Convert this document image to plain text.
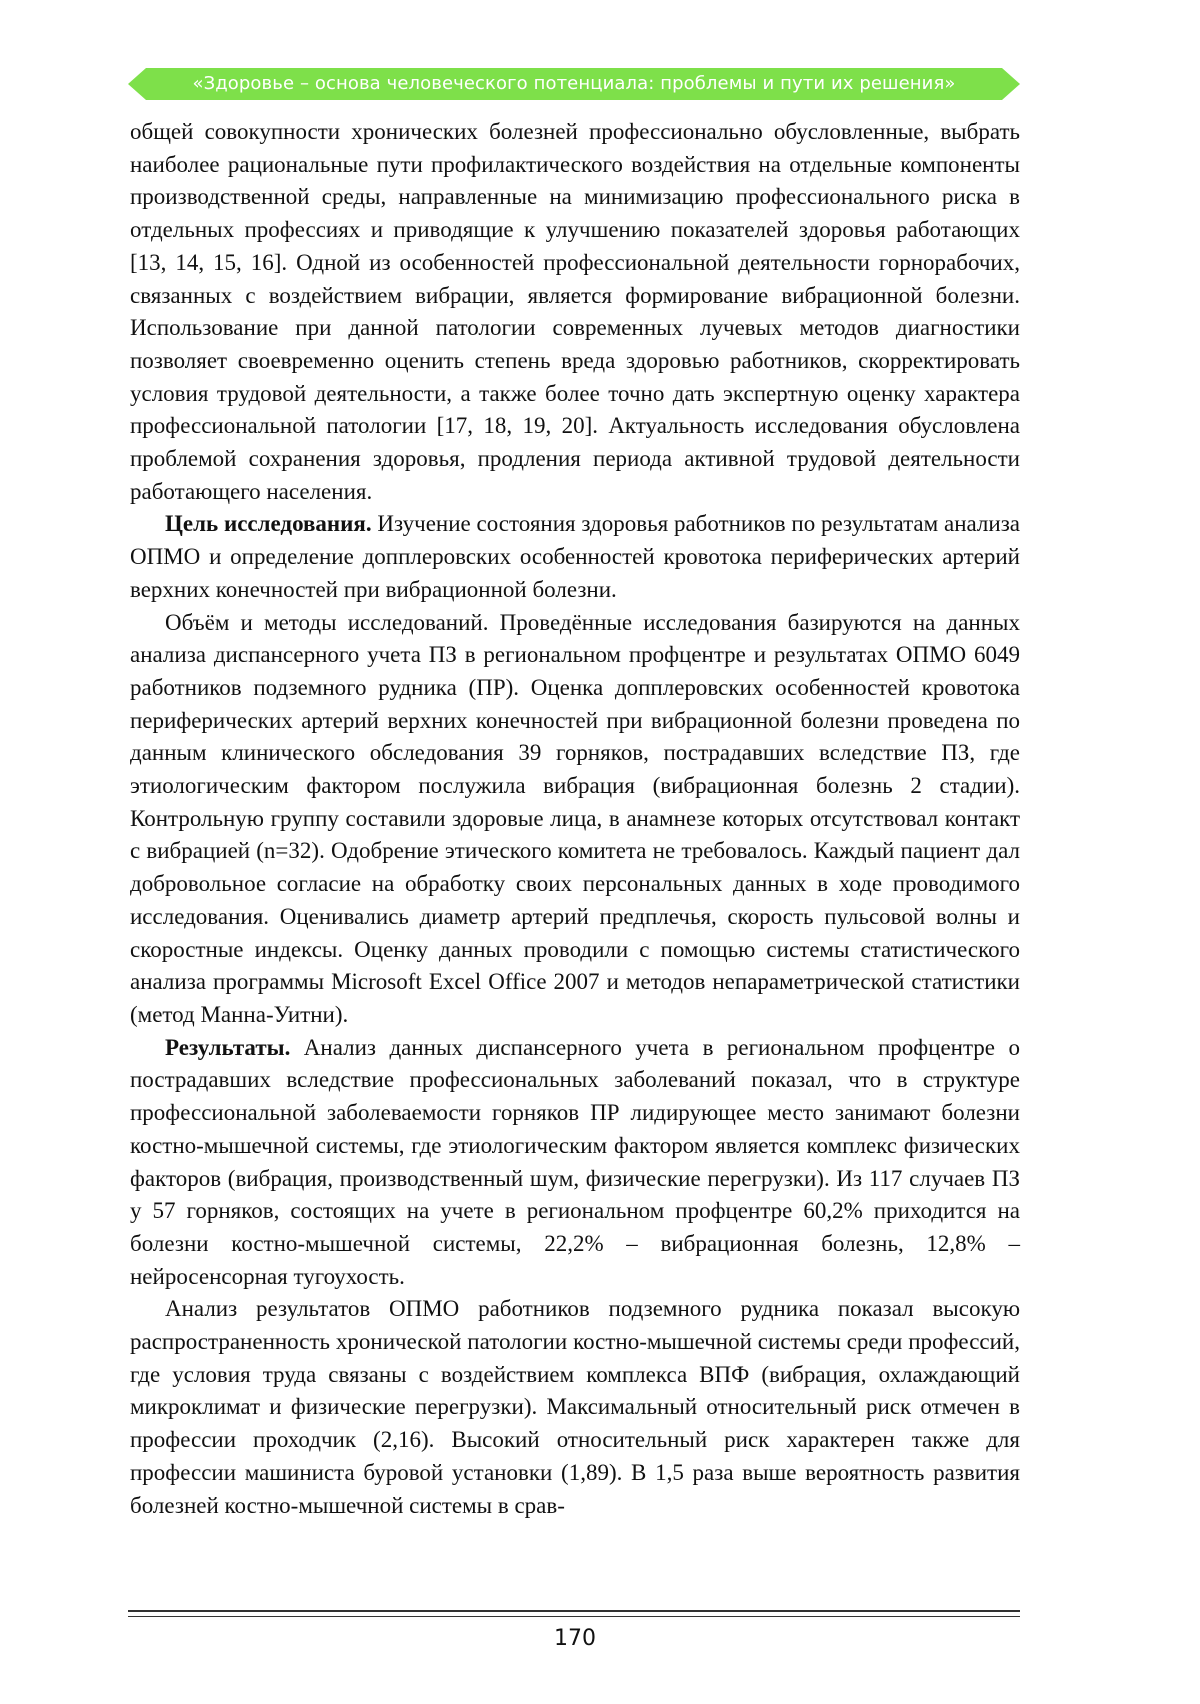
«Здоровье – основа человеческого потенциала: проблемы и пути их решения»

общей совокупности хронических болезней профессионально обусловленные, выбрать наиболее рациональные пути профилактического воздействия на отдельные компоненты производственной среды, направленные на минимизацию профессионального риска в отдельных профессиях и приводящие к улучшению показателей здоровья работающих [13, 14, 15, 16]. Одной из особенностей профессиональной деятельности горнорабочих, связанных с воздействием вибрации, является формирование вибрационной болезни. Использование при данной патологии современных лучевых методов диагностики позволяет своевременно оценить степень вреда здоровью работников, скорректировать условия трудовой деятельности, а также более точно дать экспертную оценку характера профессиональной патологии [17, 18, 19, 20]. Актуальность исследования обусловлена проблемой сохранения здоровья, продления периода активной трудовой деятельности работающего населения.

Цель исследования. Изучение состояния здоровья работников по результатам анализа ОПМО и определение допплеровских особенностей кровотока периферических артерий верхних конечностей при вибрационной болезни.

Объём и методы исследований. Проведённые исследования базируются на данных анализа диспансерного учета ПЗ в региональном профцентре и результатах ОПМО 6049 работников подземного рудника (ПР). Оценка допплеровских особенностей кровотока периферических артерий верхних конечностей при вибрационной болезни проведена по данным клинического обследования 39 горняков, пострадавших вследствие ПЗ, где этиологическим фактором послужила вибрация (вибрационная болезнь 2 стадии). Контрольную группу составили здоровые лица, в анамнезе которых отсутствовал контакт с вибрацией (n=32). Одобрение этического комитета не требовалось. Каждый пациент дал добровольное согласие на обработку своих персональных данных в ходе проводимого исследования. Оценивались диаметр артерий предплечья, скорость пульсовой волны и скоростные индексы. Оценку данных проводили с помощью системы статистического анализа программы Microsoft Excel Office 2007 и методов непараметрической статистики (метод Манна-Уитни).

Результаты. Анализ данных диспансерного учета в региональном профцентре о пострадавших вследствие профессиональных заболеваний показал, что в структуре профессиональной заболеваемости горняков ПР лидирующее место занимают болезни костно-мышечной системы, где этиологическим фактором является комплекс физических факторов (вибрация, производственный шум, физические перегрузки). Из 117 случаев ПЗ у 57 горняков, состоящих на учете в региональном профцентре 60,2% приходится на болезни костно-мышечной системы, 22,2% – вибрационная болезнь, 12,8% – нейросенсорная тугоухость.

Анализ результатов ОПМО работников подземного рудника показал высокую распространенность хронической патологии костно-мышечной системы среди профессий, где условия труда связаны с воздействием комплекса ВПФ (вибрация, охлаждающий микроклимат и физические перегрузки). Максимальный относительный риск отмечен в профессии проходчик (2,16). Высокий относительный риск характерен также для профессии машиниста буровой установки (1,89). В 1,5 раза выше вероятность развития болезней костно-мышечной системы в срав-

170
